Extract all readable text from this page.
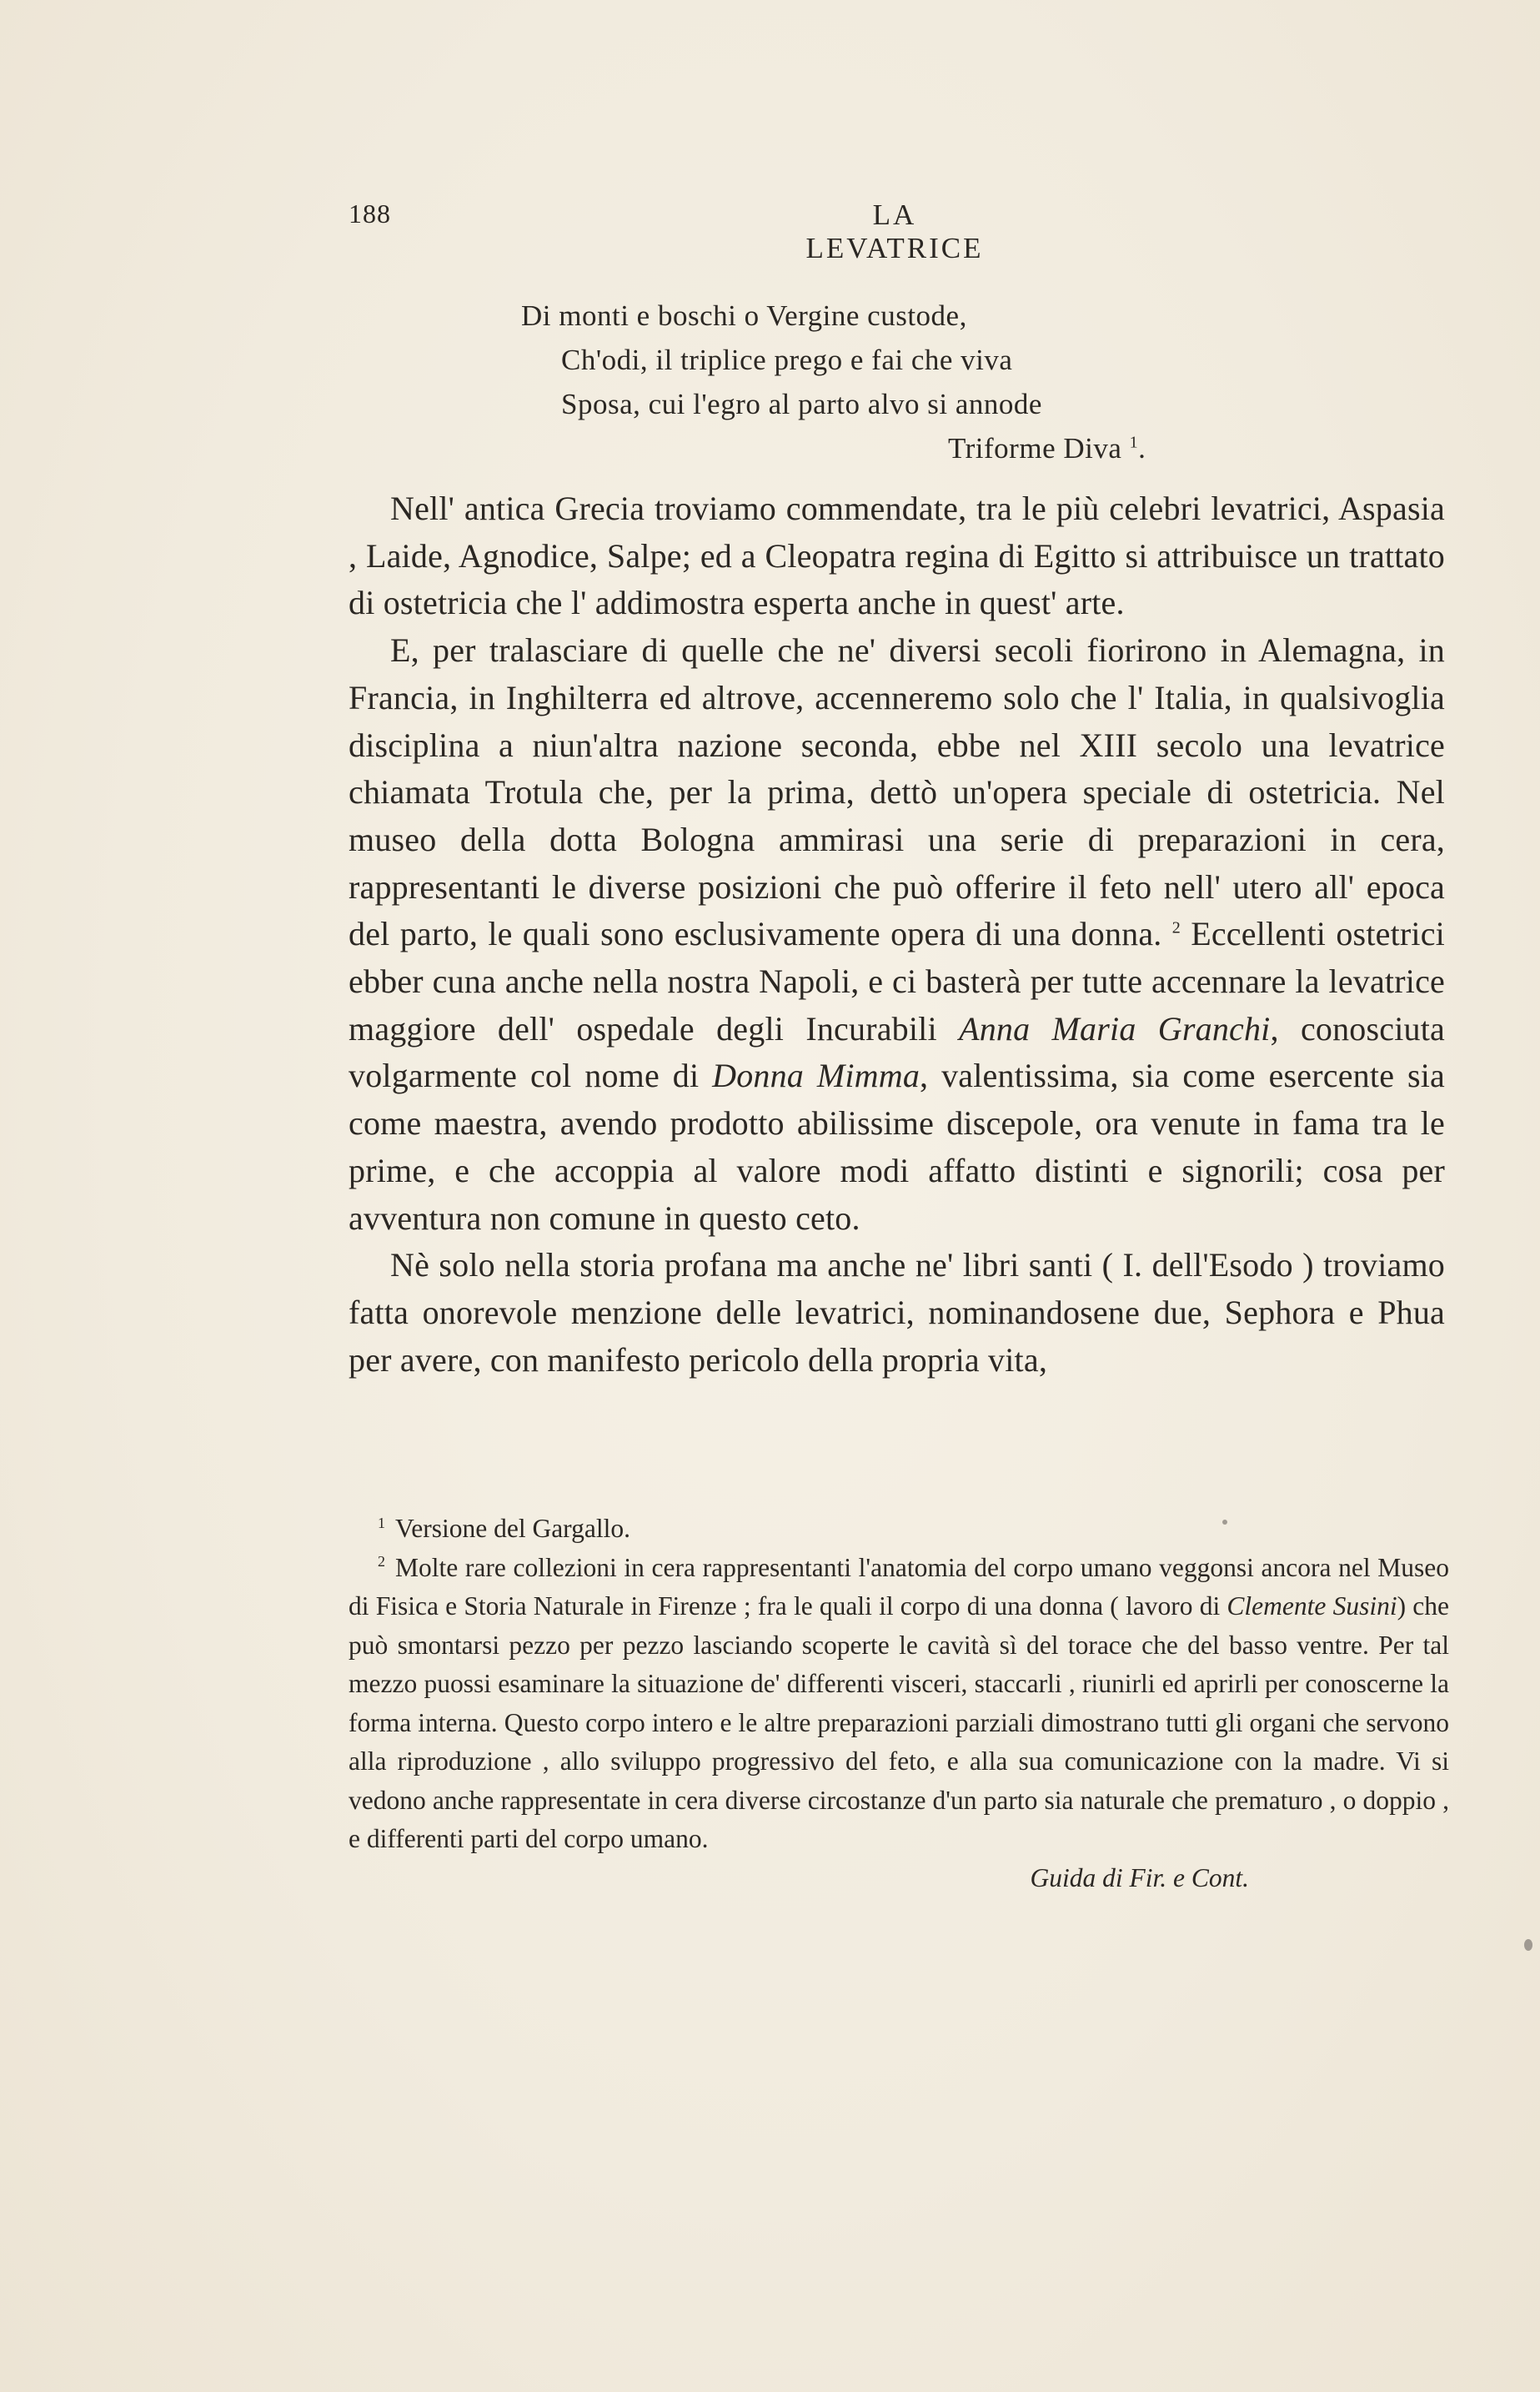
188	LA LEVATRICE
Di monti e boschi o Vergine custode,
Ch'odi, il triplice prego e fai che viva
Sposa, cui l'egro al parto alvo si annode
Triforme Diva $^1$.

Nell' antica Grecia troviamo commendate, tra le più celebri levatrici, Aspasia , Laide, Agnodice, Salpe; ed a Cleopatra regina di Egitto si attribuisce un trattato di ostetricia che l' addimostra esperta anche in quest' arte.

E, per tralasciare di quelle che ne' diversi secoli fiorirono in Alemagna, in Francia, in Inghilterra ed altrove, accenneremo solo che l' Italia, in qualsivoglia disciplina a niun'altra nazione seconda, ebbe nel XIII secolo una levatrice chiamata Trotula che, per la prima, dettò un'opera speciale di ostetricia. Nel museo della dotta Bologna ammirasi una serie di preparazioni in cera, rappresentanti le diverse posizioni che può offerire il feto nell' utero all' epoca del parto, le quali sono esclusivamente opera di una donna. $^2$ Eccellenti ostetrici ebber cuna anche nella nostra Napoli, e ci basterà per tutte accennare la levatrice maggiore dell' ospedale degli Incurabili Anna Maria Granchi, conosciuta volgarmente col nome di Donna Mimma, valentissima, sia come esercente sia come maestra, avendo prodotto abilissime discepole, ora venute in fama tra le prime, e che accoppia al valore modi affatto distinti e signorili; cosa per avventura non comune in questo ceto.

Nè solo nella storia profana ma anche ne' libri santi ( I. dell'Esodo ) troviamo fatta onorevole menzione delle levatrici, nominandosene due, Sephora e Phua per avere, con manifesto pericolo della propria vita,

$^1$ Versione del Gargallo.
$^2$ Molte rare collezioni in cera rappresentanti l'anatomia del corpo umano veggonsi ancora nel Museo di Fisica e Storia Naturale in Firenze ; fra le quali il corpo di una donna ( lavoro di Clemente Susini) che può smontarsi pezzo per pezzo lasciando scoperte le cavità sì del torace che del basso ventre. Per tal mezzo puossi esaminare la situazione de' differenti visceri, staccarli , riunirli ed aprirli per conoscerne la forma interna. Questo corpo intero e le altre preparazioni parziali dimostrano tutti gli organi che servono alla riproduzione , allo sviluppo progressivo del feto, e alla sua comunicazione con la madre. Vi si vedono anche rappresentate in cera diverse circostanze d'un parto sia naturale che prematuro , o doppio , e differenti parti del corpo umano.
Guida di Fir. e Cont.
